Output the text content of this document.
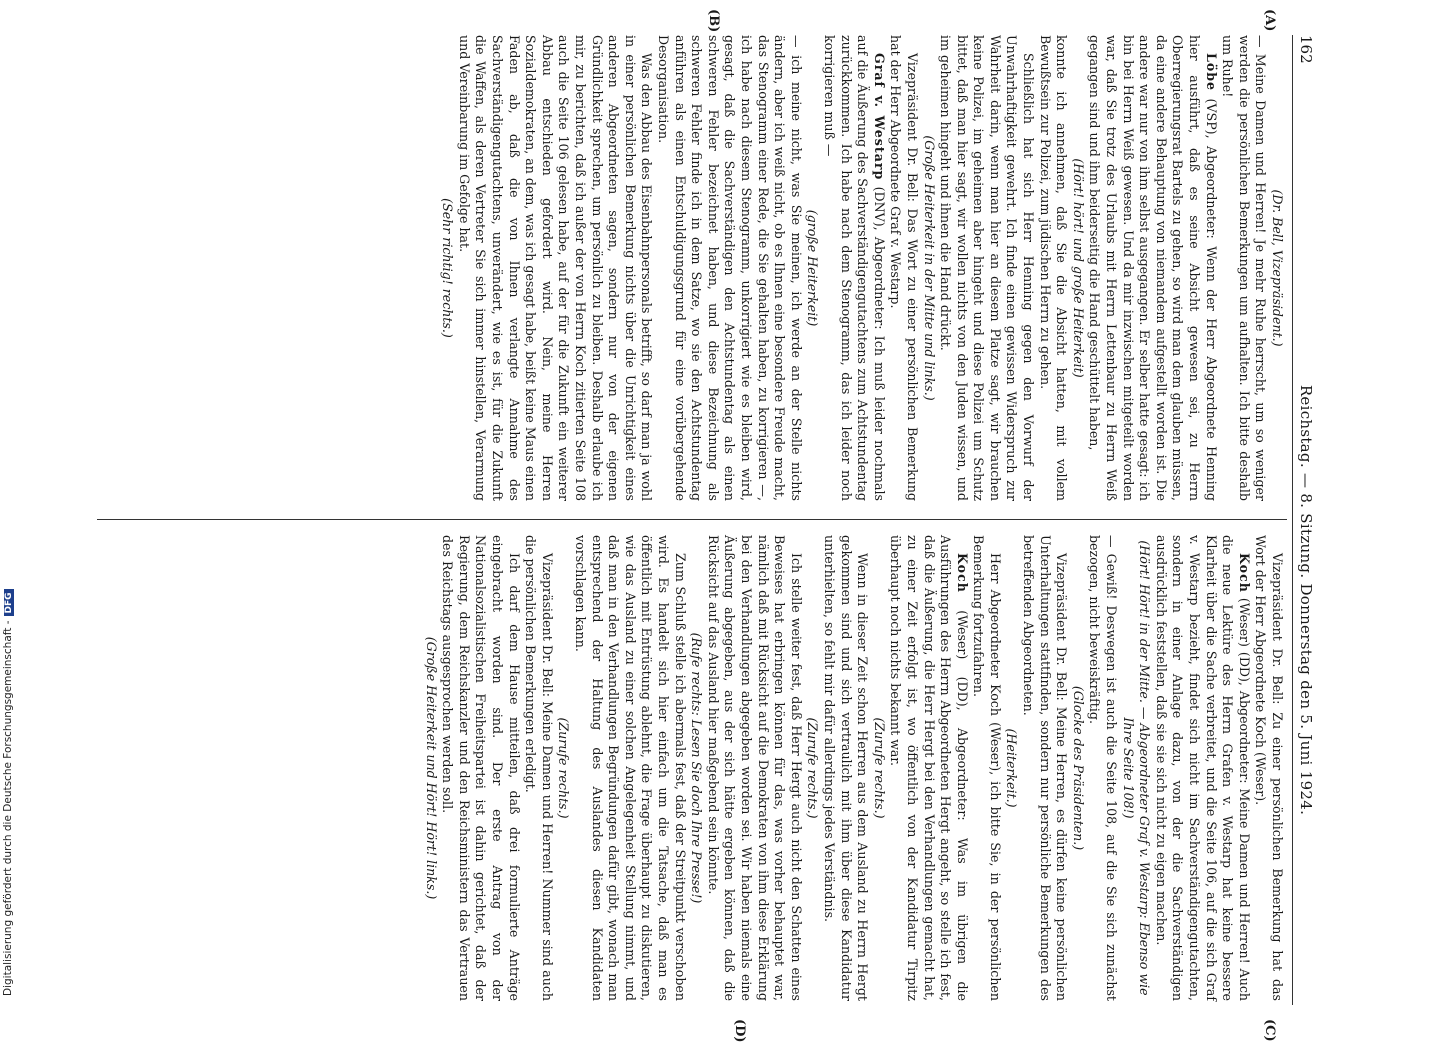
162
Reichstag. — 8. Sitzung. Donnerstag den 5. Juni 1924.
(A)
(B)
(C)
(D)

(Dr. Bell, Vizepräsident.)

— Meine Damen und Herren! Je mehr Ruhe herrscht, um so weniger werden die persönlichen Bemerkungen um aufhalten. Ich bitte deshalb um Ruhe!

Löbe (VSP), Abgeordneter: Wenn der Herr Abgeordnete Henning hier ausführt, daß es seine Absicht gewesen sei, zu Herrn Oberregierungsrat Bartels zu gehen, so wird man dem glauben müssen, da eine andere Behauptung von niemandem aufgestellt worden ist. Die andere war nur von ihm selbst ausgegangen. Er selber hatte gesagt: ich bin bei Herrn Weiß gewesen. Und da mir inzwischen mitgeteilt worden war, daß Sie trotz des Urlaubs mit Herrn Lettenbaur zu Herrn Weiß gegangen sind und ihm beiderseitig die Hand geschüttelt haben,

(Hört! hört! und große Heiterkeit)

konnte ich annehmen, daß Sie die Absicht hatten, mit vollem Bewußtsein zur Polizei, zum jüdischen Herrn zu gehen.

Schließlich hat sich Herr Henning gegen den Vorwurf der Unwahrhaftigkeit gewehrt. Ich finde einen gewissen Widerspruch zur Wahrheit darin, wenn man hier an diesem Platze sagt, wir brauchen keine Polizei, im geheimen aber hingeht und diese Polizei um Schutz bittet, daß man hier sagt, wir wollen nichts von den Juden wissen, und im geheimen hingeht und ihnen die Hand drückt.

(Große Heiterkeit in der Mitte und links.)

Vizepräsident Dr. Bell: Das Wort zu einer persönlichen Bemerkung hat der Herr Abgeordnete Graf v. Westarp.

Graf v. Westarp (DNV), Abgeordneter: Ich muß leider nochmals auf die Äußerung des Sachverständigengutachtens zum Achtstundentag zurückkommen. Ich habe nach dem Stenogramm, das ich leider noch korrigieren muß —

(große Heiterkeit)

— ich meine nicht, was Sie meinen, ich werde an der Stelle nichts ändern, aber ich weiß nicht, ob es Ihnen eine besondere Freude macht, das Stenogramm einer Rede, die Sie gehalten haben, zu korrigieren —, ich habe nach diesem Stenogramm, unkorrigiert wie es bleiben wird, gesagt, daß die Sachverständigen den Achtstundentag als einen schweren Fehler bezeichnet haben, und diese Bezeichnung als schweren Fehler finde ich in dem Satze, wo sie den Achtstundentag anführen als einen Entschuldigungsgrund für eine vorübergehende Desorganisation.

Was den Abbau des Eisenbahnpersonals betrifft, so darf man ja wohl in einer persönlichen Bemerkung nichts über die Unrichtigkeit eines anderen Abgeordneten sagen, sondern nur von der eigenen Gründlichkeit sprechen, um persönlich zu bleiben. Deshalb erlaube ich mir, zu berichten, daß ich außer der von Herrn Koch zitierten Seite 108 auch die Seite 106 gelesen habe, auf der für die Zukunft ein weiterer Abbau entschieden gefordert wird. Nein, meine Herren Sozialdemokraten, an dem, was ich gesagt habe, beißt keine Maus einen Faden ab, daß die von Ihnen verlangte Annahme des Sachverständigengutachtens, unverändert, wie es ist, für die Zukunft die Waffen, als deren Vertreter Sie sich immer hinstellen, Verarmung und Vereinbarung im Gefolge hat.

(Sehr richtig! rechts.)

Vizepräsident Dr. Bell: Zu einer persönlichen Bemerkung hat das Wort der Herr Abgeordnete Koch (Weser).

Koch (Weser) (DD), Abgeordneter: Meine Damen und Herren! Auch die neue Lektüre des Herrn Grafen v. Westarp hat keine bessere Klarheit über die Sache verbreitet, und die Seite 106, auf die sich Graf v. Westarp bezieht, findet sich nicht im Sachverständigengutachten, sondern in einer Anlage dazu, von der die Sachverständigen ausdrücklich feststellen, daß sie sie sich nicht zu eigen machen.

(Hört! Hört! in der Mitte. — Abgeordneter Graf v. Westarp: Ebenso wie Ihre Seite 108!)

— Gewiß! Deswegen ist auch die Seite 108, auf die Sie sich zunächst bezogen, nicht beweiskräftig.

(Glocke des Präsidenten.)

Vizepräsident Dr. Bell: Meine Herren, es dürfen keine persönlichen Unterhaltungen stattfinden, sondern nur persönliche Bemerkungen des betreffenden Abgeordneten.

(Heiterkeit.)

Herr Abgeordneter Koch (Weser), ich bitte Sie, in der persönlichen Bemerkung fortzufahren.

Koch (Weser) (DD), Abgeordneter: Was im übrigen die Ausführungen des Herrn Abgeordneten Hergt angeht, so stelle ich fest, daß die Äußerung, die Herr Hergt bei den Verhandlungen gemacht hat, zu einer Zeit erfolgt ist, wo öffentlich von der Kandidatur Tirpitz überhaupt noch nichts bekannt war.

(Zurufe rechts.)

Wenn in dieser Zeit schon Herren aus dem Ausland zu Herrn Hergt gekommen sind und sich vertraulich mit ihm über diese Kandidatur unterhielten, so fehlt mir dafür allerdings jedes Verständnis.

(Zurufe rechts.)

Ich stelle weiter fest, daß Herr Hergt auch nicht den Schatten eines Beweises hat erbringen können für das, was vorher behauptet war, nämlich daß mit Rücksicht auf die Demokraten von ihm diese Erklärung bei den Verhandlungen abgegeben worden sei. Wir haben niemals eine Äußerung abgegeben, aus der sich hätte ergeben können, daß die Rücksicht auf das Ausland hier maßgebend sein könnte.

(Rufe rechts: Lesen Sie doch Ihre Presse!)

Zum Schluß stelle ich abermals fest, daß der Streitpunkt verschoben wird. Es handelt sich hier einfach um die Tatsache, daß man es öffentlich mit Entrüstung ablehnt, die Frage überhaupt zu diskutieren, wie das Ausland zu einer solchen Angelegenheit Stellung nimmt, und daß man in den Verhandlungen Begründungen dafür gibt, wonach man entsprechend der Haltung des Auslandes diesen Kandidaten vorschlagen kann.

(Zurufe rechts.)

Vizepräsident Dr. Bell: Meine Damen und Herren! Nummer sind auch die persönlichen Bemerkungen erledigt.

Ich darf dem Hause mitteilen, daß drei formulierte Anträge eingebracht worden sind. Der erste Antrag von der Nationalsozialistischen Freiheitspartei ist dahin gerichtet, daß der Regierung, dem Reichskanzler und den Reichsministern das Vertrauen des Reichstags ausgesprochen werden soll.

(Große Heiterkeit und Hört! Hört! links.)

Digitalisierung gefördert durch die Deutsche Forschungsgemeinschaft -DFG
